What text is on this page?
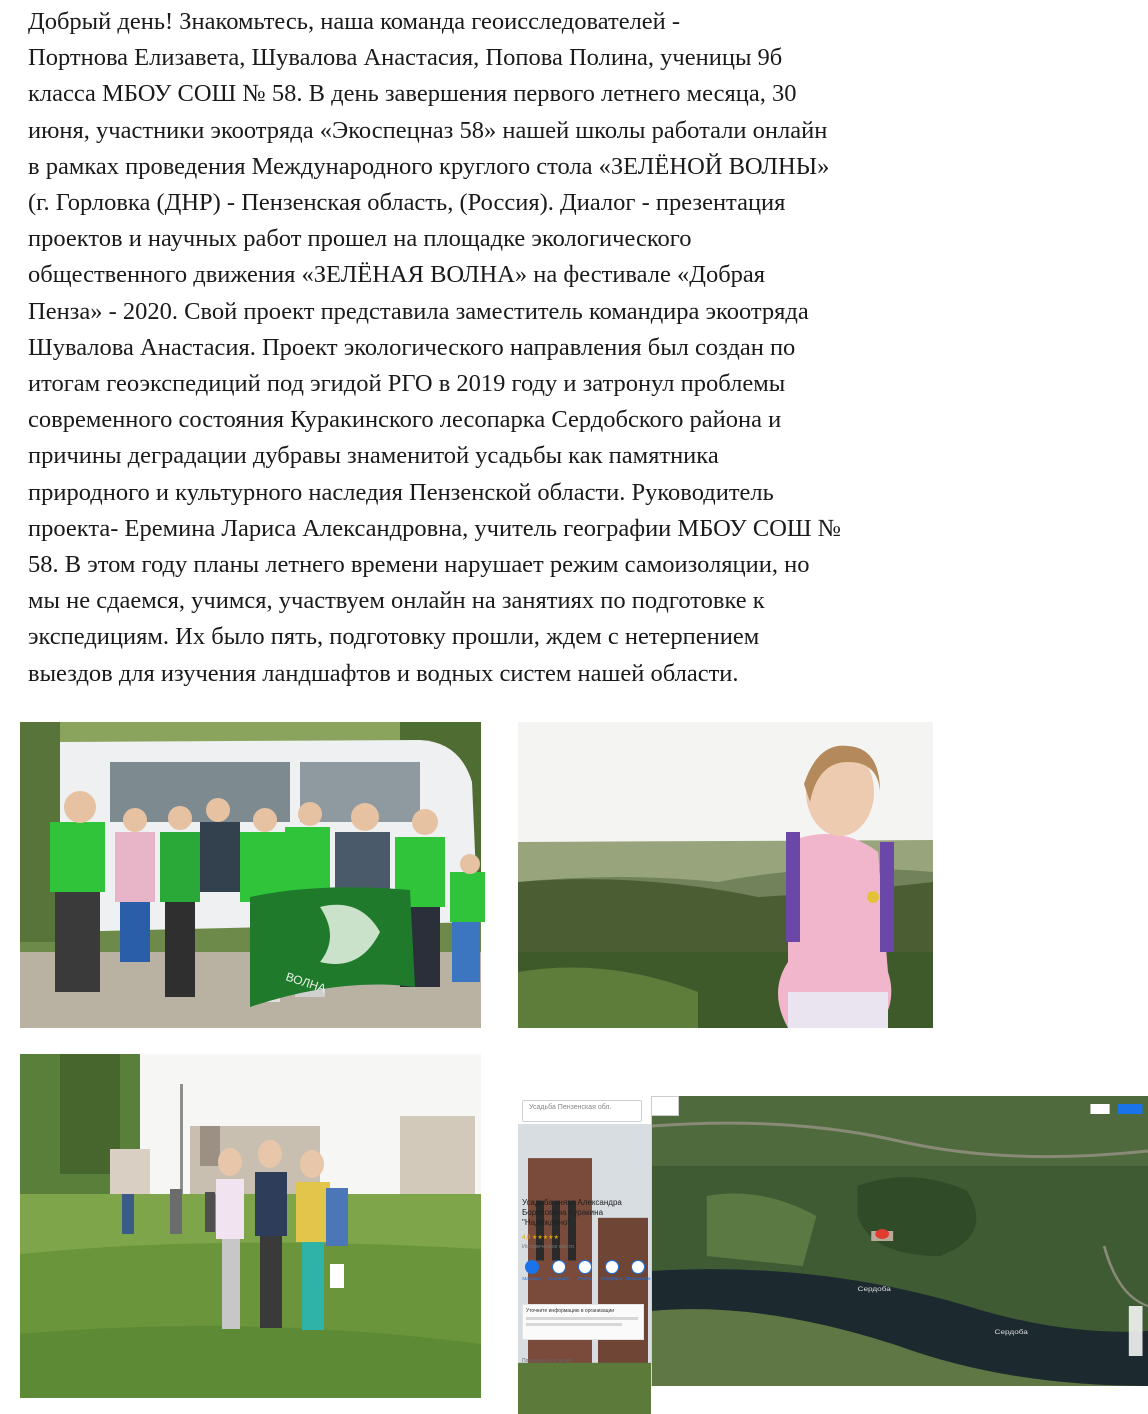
Добрый день! Знакомьтесь, наша команда геоисследователей -
Портнова Елизавета, Шувалова Анастасия, Попова Полина, ученицы 9б
класса МБОУ СОШ № 58. В день завершения первого летнего месяца, 30
июня, участники экоотряда «Экоспецназ 58» нашей школы работали онлайн
в рамках проведения Международного круглого стола «ЗЕЛЁНОЙ ВОЛНЫ»
(г. Горловка (ДНР) - Пензенская область, (Россия). Диалог - презентация
проектов и научных работ прошел на площадке экологического
общественного движения «ЗЕЛЁНАЯ ВОЛНА» на фестивале «Добрая
Пенза» - 2020. Свой проект представила заместитель командира экоотряда
Шувалова Анастасия. Проект экологического направления был создан по
итогам геоэкспедиций под эгидой РГО в 2019 году и затронул проблемы
современного состояния Куракинского лесопарка Сердобского района и
причины деградации дубравы знаменитой усадьбы как памятника
природного и культурного наследия Пензенской области. Руководитель
проекта- Еремина Лариса Александровна, учитель географии МБОУ СОШ №
58. В этом году планы летнего времени нарушает режим самоизоляции, но
мы не сдаемся, учимся, участвуем онлайн на занятиях по подготовке к
экспедициям. Их было пять, подготовку прошли, ждем с нетерпением
выездов для изучения ландшафтов и водных систем нашей области.
ВОЛНА
Усадьба Пензенская обл.
Усадьба князя Александра Борисовича Куракина "Надеждино"
4,6 ★★★★★
Историческое место
Маршрут Сохранить Рядом Отправить Поделиться
Уточните информацию в организации
Помощник для детей
Сердоба
Сердоба
